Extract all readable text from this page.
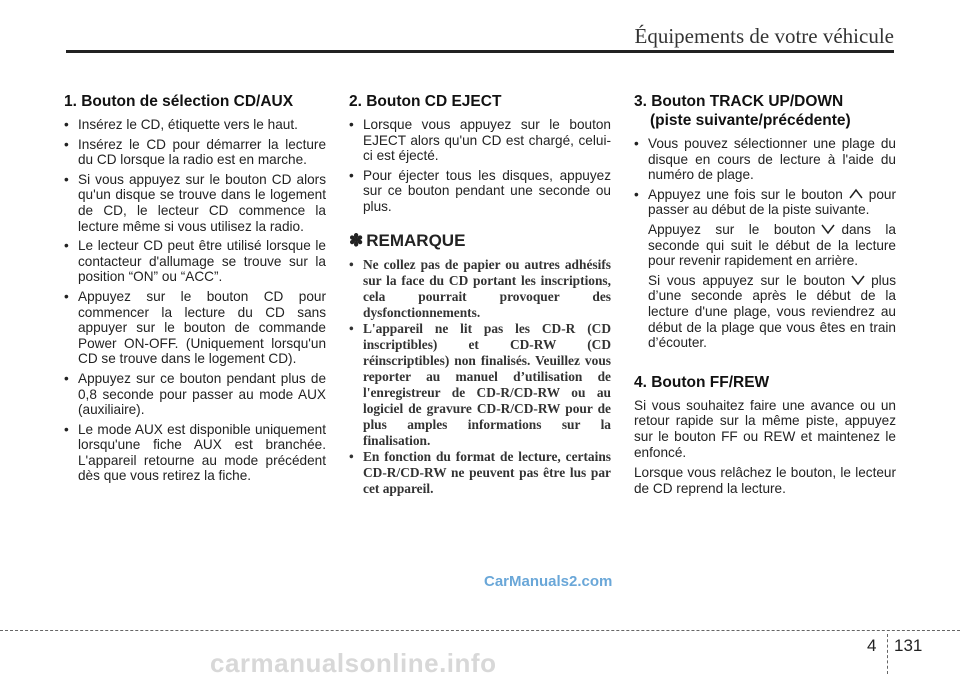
Équipements de votre véhicule
1. Bouton de sélection CD/AUX
• Insérez le CD, étiquette vers le haut.
• Insérez le CD pour démarrer la lecture du CD lorsque la radio est en marche.
• Si vous appuyez sur le bouton CD alors qu'un disque se trouve dans le logement de CD, le lecteur CD commence la lecture même si vous utilisez la radio.
• Le lecteur CD peut être utilisé lorsque le contacteur d'allumage se trouve sur la position “ON” ou “ACC”.
• Appuyez sur le bouton CD pour commencer la lecture du CD sans appuyer sur le bouton de commande Power ON-OFF. (Uniquement lorsqu'un CD se trouve dans le logement CD).
• Appuyez sur ce bouton pendant plus de 0,8 seconde pour passer au mode AUX (auxiliaire).
• Le mode AUX est disponible uniquement lorsqu'une fiche AUX est branchée. L'appareil retourne au mode précédent dès que vous retirez la fiche.
2. Bouton CD EJECT
• Lorsque vous appuyez sur le bouton EJECT alors qu'un CD est chargé, celui-ci est éjecté.
• Pour éjecter tous les disques, appuyez sur ce bouton pendant une seconde ou plus.
✽ REMARQUE
• Ne collez pas de papier ou autres adhésifs sur la face du CD portant les inscriptions, cela pourrait provoquer des dysfonctionnements.
• L'appareil ne lit pas les CD-R (CD inscriptibles) et CD-RW (CD réinscriptibles) non finalisés. Veuillez vous reporter au manuel d’utilisation de l'enregistreur de CD-R/CD-RW ou au logiciel de gravure CD-R/CD-RW pour de plus amples informations sur la finalisation.
• En fonction du format de lecture, certains CD-R/CD-RW ne peuvent pas être lus par cet appareil.
3. Bouton TRACK UP/DOWN
(piste suivante/précédente)
• Vous pouvez sélectionner une plage du disque en cours de lecture à l'aide du numéro de plage.
• Appuyez une fois sur le bouton pour passer au début de la piste suivante.
Appuyez sur le bouton dans la seconde qui suit le début de la lecture pour revenir rapidement en arrière.
Si vous appuyez sur le bouton plus d’une seconde après le début de la lecture d'une plage, vous reviendrez au début de la plage que vous êtes en train d’écouter.
4. Bouton FF/REW

Si vous souhaitez faire une avance ou un retour rapide sur la même piste, appuyez sur le bouton FF ou REW et maintenez le enfoncé.

Lorsque vous relâchez le bouton, le lecteur de CD reprend la lecture.

CarManuals2.com
4 131
carmanualsonline.info
